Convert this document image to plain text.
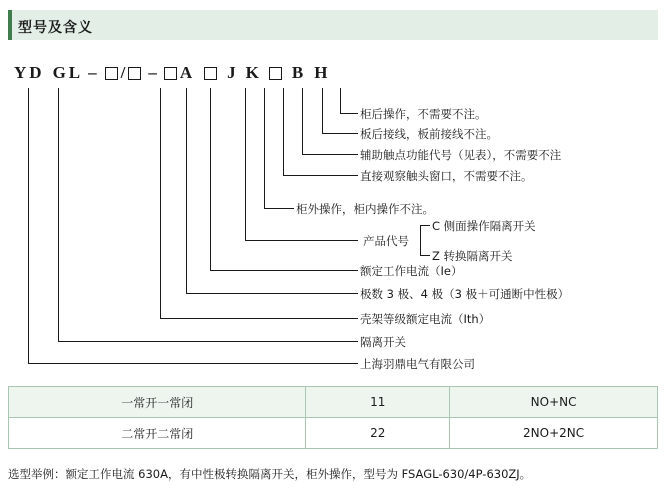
型号及含义
Y D G L – / – A J K B H
柜后操作，不需要不注。
板后接线，板前接线不注。
辅助触点功能代号（见表），不需要不注
直接观察触头窗口，不需要不注。
柜外操作，柜内操作不注。
产品代号
C 侧面操作隔离开关
Z 转换隔离开关
额定工作电流（Ie）
极数 3 极、4 极（3 极＋可通断中性极）
壳架等级额定电流（Ith）
隔离开关
上海羽鼎电气有限公司
一常开一常闭	11	NO+NC
二常开二常闭	22	2NO+2NC
选型举例：额定工作电流 630A，有中性极转换隔离开关，柜外操作，型号为 FSAGL-630/4P-630ZJ。
